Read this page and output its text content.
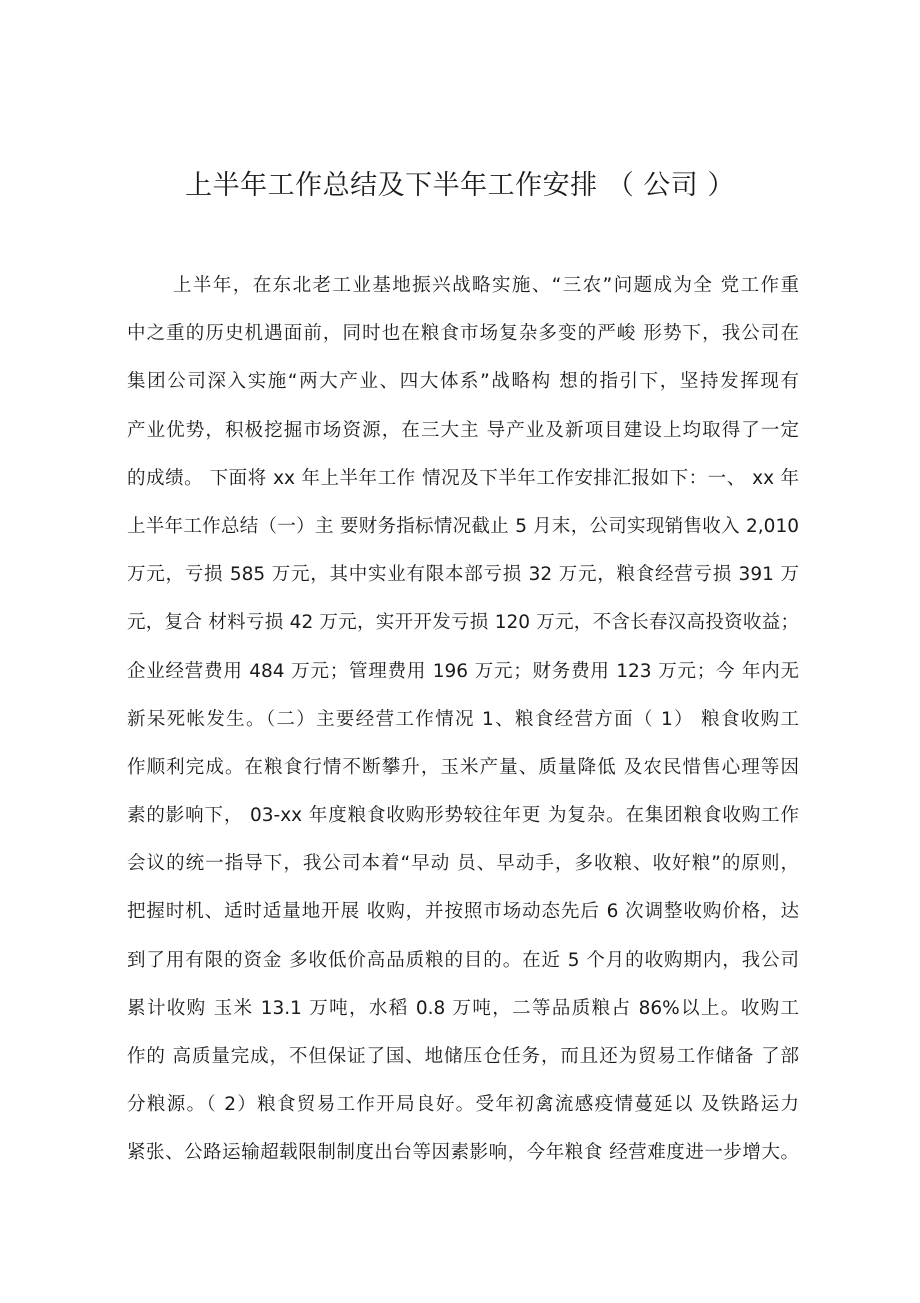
上半年工作总结及下半年工作安排 （ 公司 ）
上半年，在东北老工业基地振兴战略实施、“三农”问题成为全 党工作重
中之重的历史机遇面前，同时也在粮食市场复杂多变的严峻 形势下，我公司在
集团公司深入实施“两大产业、四大体系”战略构 想的指引下，坚持发挥现有
产业优势，积极挖掘市场资源，在三大主 导产业及新项目建设上均取得了一定
的成绩。 下面将 xx 年上半年工作 情况及下半年工作安排汇报如下：一、 xx 年
上半年工作总结（一）主 要财务指标情况截止 5 月末，公司实现销售收入 2,010
万元，亏损 585 万元，其中实业有限本部亏损 32 万元，粮食经营亏损 391 万
元，复合 材料亏损 42 万元，实开开发亏损 120 万元，不含长春汉高投资收益；
企业经营费用 484 万元；管理费用 196 万元；财务费用 123 万元；今 年内无
新呆死帐发生。（二）主要经营工作情况 1、粮食经营方面（ 1） 粮食收购工
作顺利完成。在粮食行情不断攀升，玉米产量、质量降低 及农民惜售心理等因
素的影响下， 03-xx 年度粮食收购形势较往年更 为复杂。在集团粮食收购工作
会议的统一指导下，我公司本着“早动 员、早动手，多收粮、收好粮”的原则，
把握时机、适时适量地开展 收购，并按照市场动态先后 6 次调整收购价格，达
到了用有限的资金 多收低价高品质粮的目的。在近 5 个月的收购期内，我公司
累计收购 玉米 13.1 万吨，水稻 0.8 万吨，二等品质粮占 86%以上。收购工
作的 高质量完成，不但保证了国、地储压仓任务，而且还为贸易工作储备 了部
分粮源。（ 2）粮食贸易工作开局良好。受年初禽流感疫情蔓延以 及铁路运力
紧张、公路运输超载限制制度出台等因素影响，今年粮食 经营难度进一步增大。
